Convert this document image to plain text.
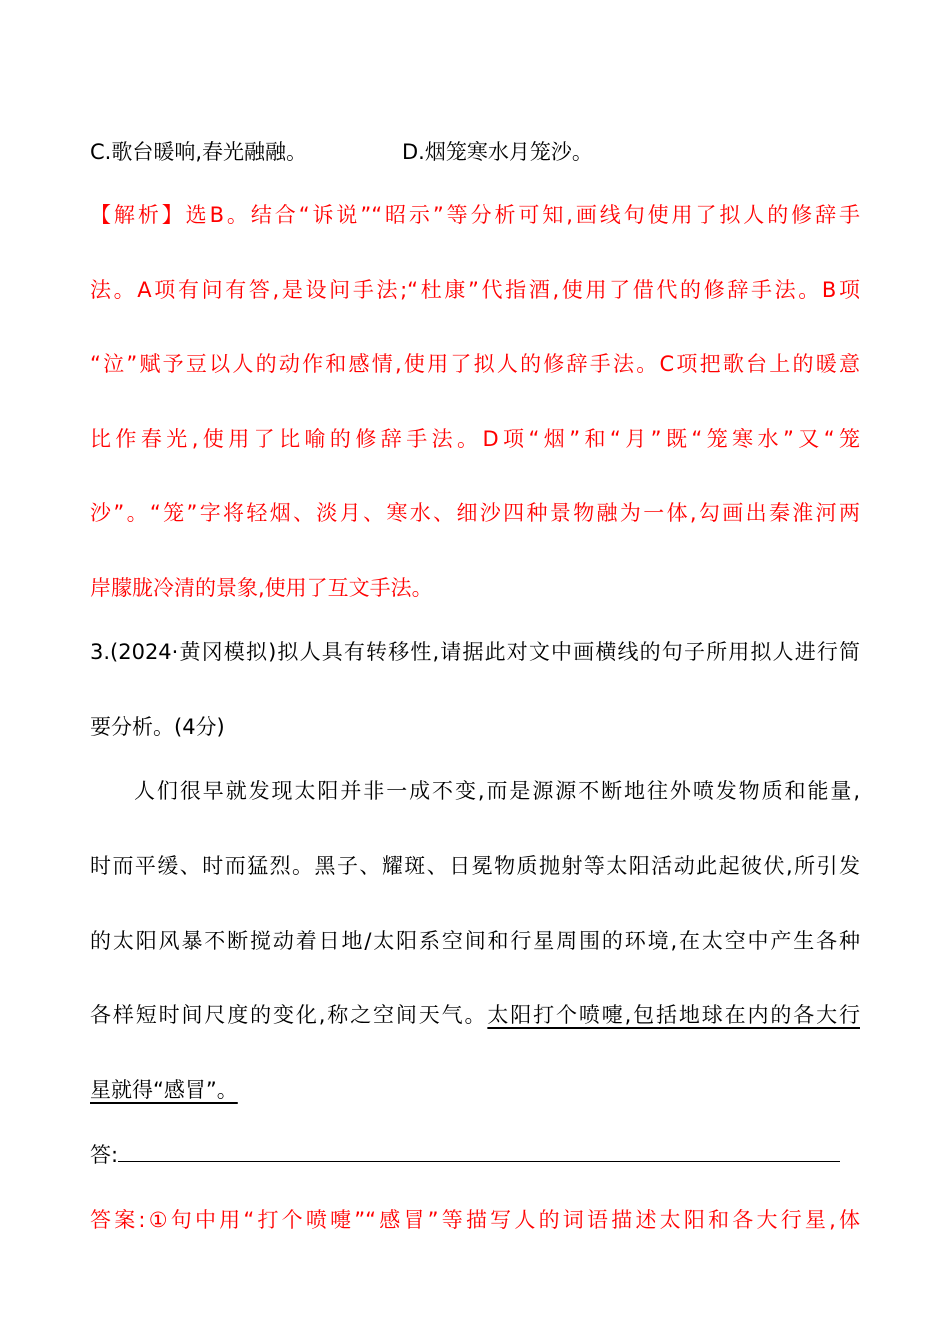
C.歌台暖响,春光融融。	D.烟笼寒水月笼沙。
【解析】选B。结合“诉说”“昭示”等分析可知,画线句使用了拟人的修辞手
法。A项有问有答,是设问手法;“杜康”代指酒,使用了借代的修辞手法。B项
“泣”赋予豆以人的动作和感情,使用了拟人的修辞手法。C项把歌台上的暖意
比作春光,使用了比喻的修辞手法。D项“烟”和“月”既“笼寒水”又“笼
沙”。“笼”字将轻烟、淡月、寒水、细沙四种景物融为一体,勾画出秦淮河两
岸朦胧冷清的景象,使用了互文手法。
3.(2024·黄冈模拟)拟人具有转移性,请据此对文中画横线的句子所用拟人进行简
要分析。(4分)
人们很早就发现太阳并非一成不变,而是源源不断地往外喷发物质和能量,
时而平缓、时而猛烈。黑子、耀斑、日冕物质抛射等太阳活动此起彼伏,所引发
的太阳风暴不断搅动着日地/太阳系空间和行星周围的环境,在太空中产生各种
各样短时间尺度的变化,称之空间天气。太阳打个喷嚏,包括地球在内的各大行
星就得“感冒”。
答:
答案:①句中用“打个喷嚏”“感冒”等描写人的词语描述太阳和各大行星,体
